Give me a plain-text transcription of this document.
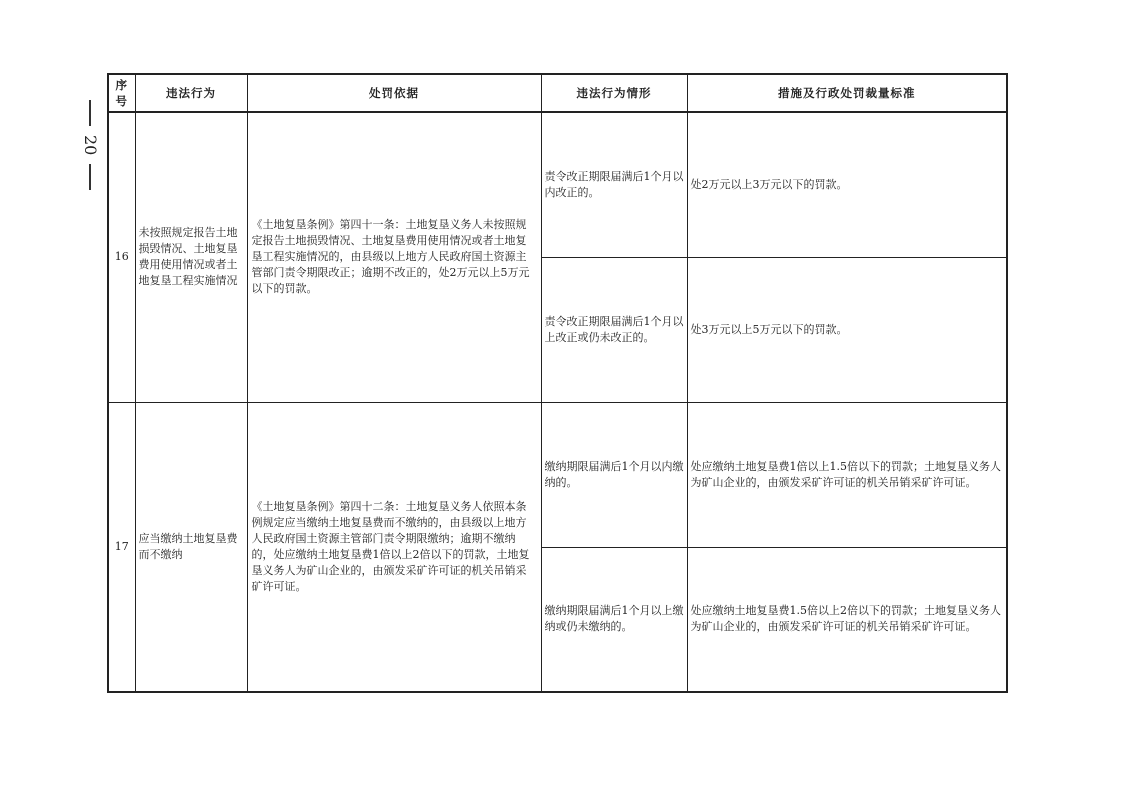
20
序号	违法行为	处罚依据	违法行为情形	措施及行政处罚裁量标准
16	未按照规定报告土地损毁情况、土地复垦费用使用情况或者土地复垦工程实施情况	《土地复垦条例》第四十一条：土地复垦义务人未按照规定报告土地损毁情况、土地复垦费用使用情况或者土地复垦工程实施情况的，由县级以上地方人民政府国土资源主管部门责令期限改正；逾期不改正的，处2万元以上5万元以下的罚款。	责令改正期限届满后1个月以内改正的。	处2万元以上3万元以下的罚款。
			责令改正期限届满后1个月以上改正或仍未改正的。	处3万元以上5万元以下的罚款。
17	应当缴纳土地复垦费而不缴纳	《土地复垦条例》第四十二条：土地复垦义务人依照本条例规定应当缴纳土地复垦费而不缴纳的，由县级以上地方人民政府国土资源主管部门责令期限缴纳；逾期不缴纳的，处应缴纳土地复垦费1倍以上2倍以下的罚款，土地复垦义务人为矿山企业的，由颁发采矿许可证的机关吊销采矿许可证。	缴纳期限届满后1个月以内缴纳的。	处应缴纳土地复垦费1倍以上1.5倍以下的罚款；土地复垦义务人为矿山企业的，由颁发采矿许可证的机关吊销采矿许可证。
			缴纳期限届满后1个月以上缴纳或仍未缴纳的。	处应缴纳土地复垦费1.5倍以上2倍以下的罚款；土地复垦义务人为矿山企业的，由颁发采矿许可证的机关吊销采矿许可证。
